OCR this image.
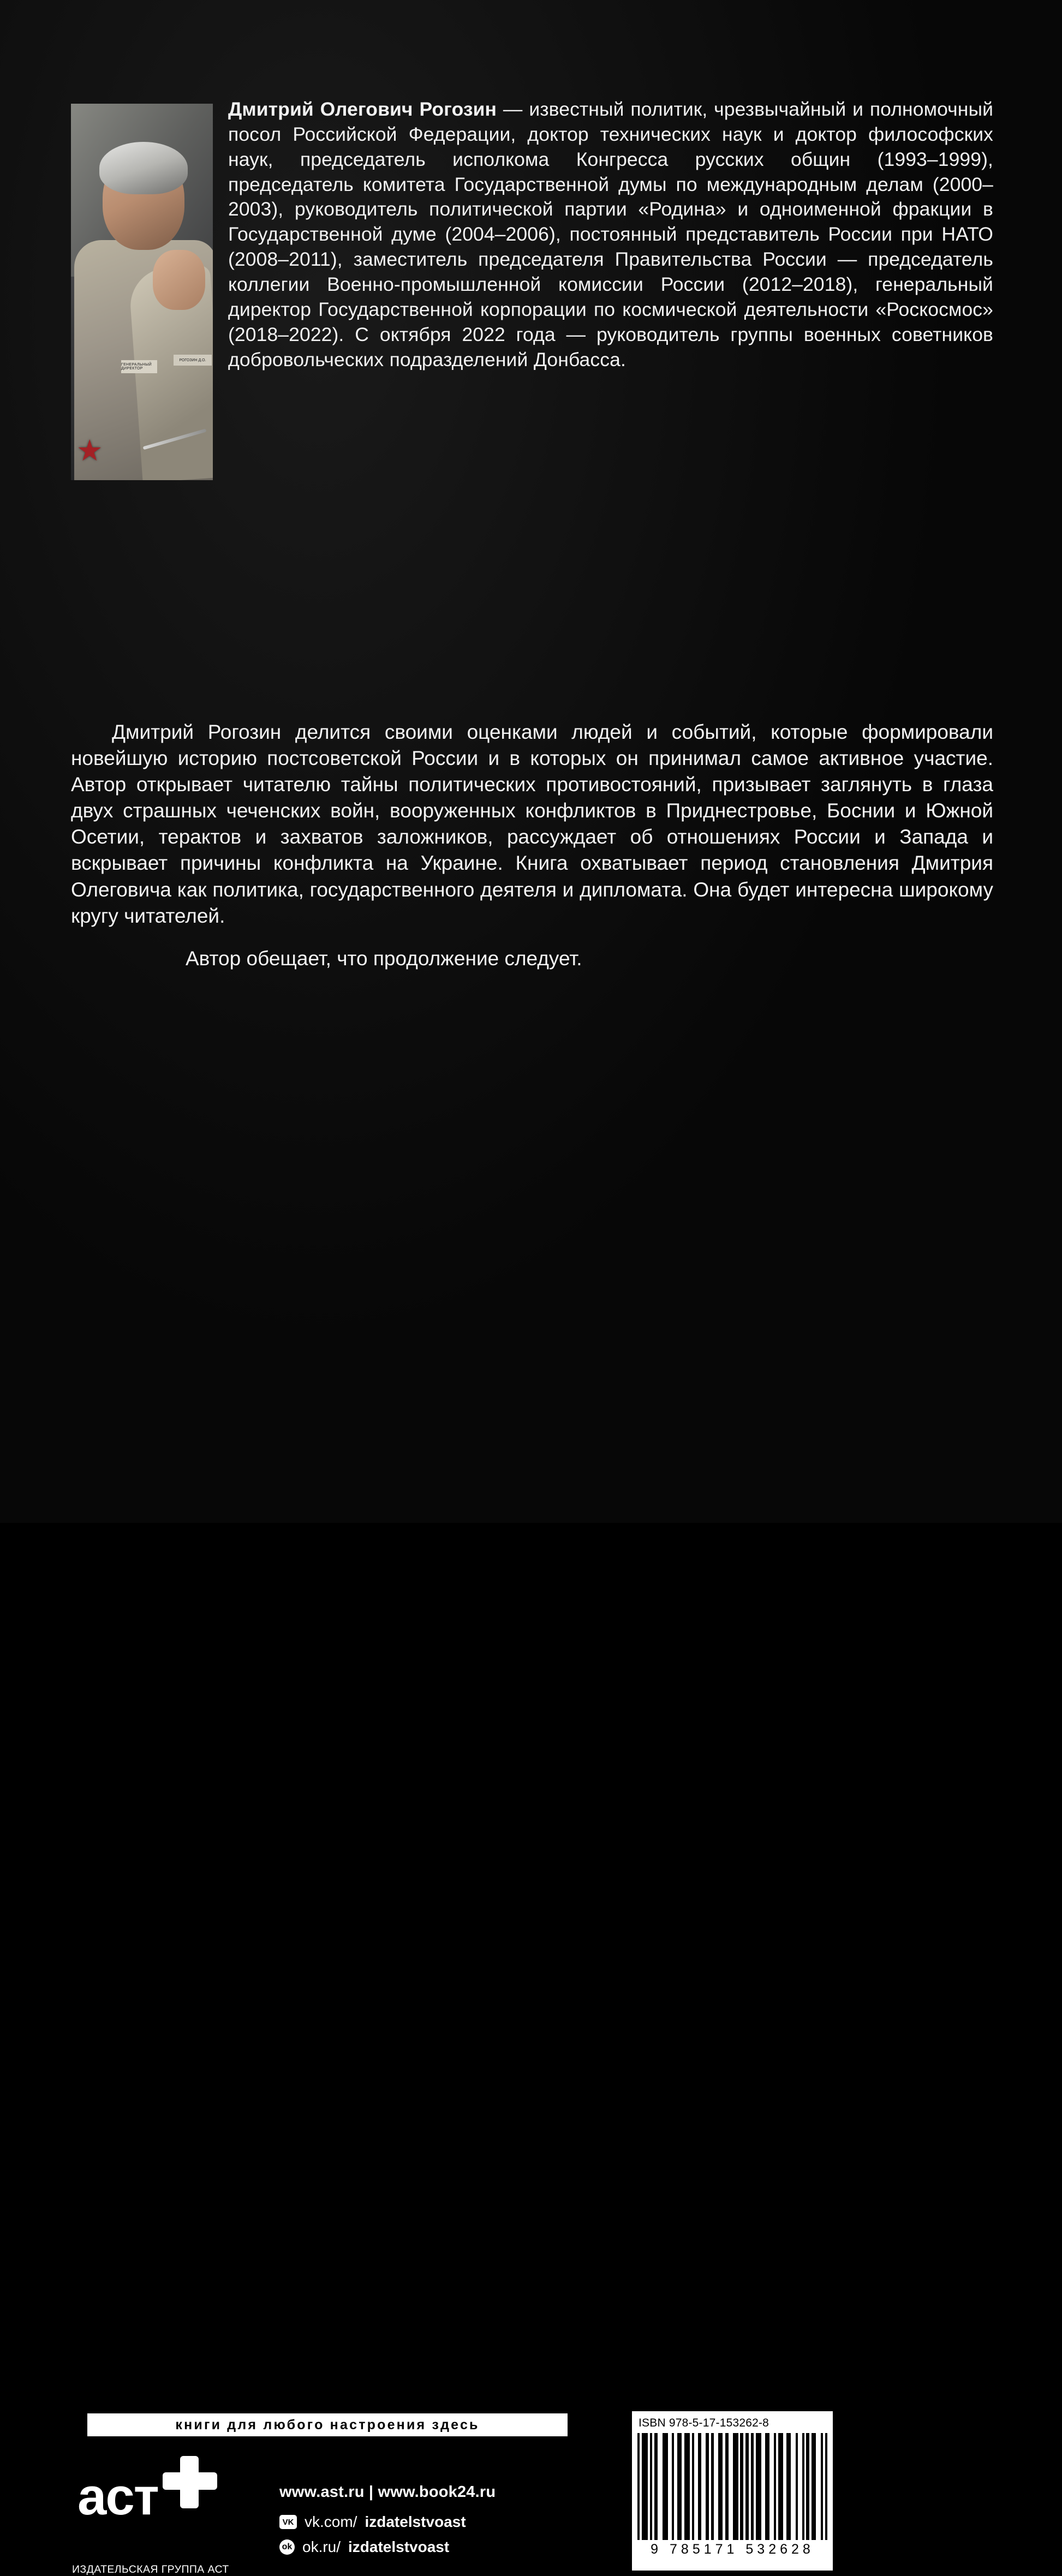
ГЕНЕРАЛЬНЫЙ ДИРЕКТОР
РОГОЗИН Д.О.
Дмитрий Олегович Рогозин — известный политик, чрезвычайный и полномочный посол Российской Федерации, доктор технических наук и доктор философских наук, председатель исполкома Конгресса русских общин (1993–1999), председатель комитета Государственной думы по международным делам (2000–2003), руководитель политической партии «Родина» и одноименной фракции в Государственной думе (2004–2006), постоянный представитель России при НАТО (2008–2011), заместитель председателя Правительства России — председатель коллегии Военно-промышленной комиссии России (2012–2018), генеральный директор Государственной корпорации по космической деятельности «Роскосмос» (2018–2022). С октября 2022 года — руководитель группы военных советников добровольческих подразделений Донбасса.

Дмитрий Рогозин делится своими оценками людей и событий, которые формировали новейшую историю постсоветской России и в которых он принимал самое активное участие. Автор открывает читателю тайны политических противостояний, призывает заглянуть в глаза двух страшных чеченских войн, вооруженных конфликтов в Приднестровье, Боснии и Южной Осетии, терактов и захватов заложников, рассуждает об отношениях России и Запада и вскрывает причины конфликта на Украине. Книга охватывает период становления Дмитрия Олеговича как политика, государственного деятеля и дипломата. Она будет интересна широкому кругу читателей.

Автор обещает, что продолжение следует.

книги для любого настроения здесь
аст
ИЗДАТЕЛЬСКАЯ ГРУППА АСТ
www.ast.ru | www.book24.ru
VK vk.com/ izdatelstvoast
ok ok.ru/ izdatelstvoast
ISBN 978-5-17-153262-8
9 785171 532628
